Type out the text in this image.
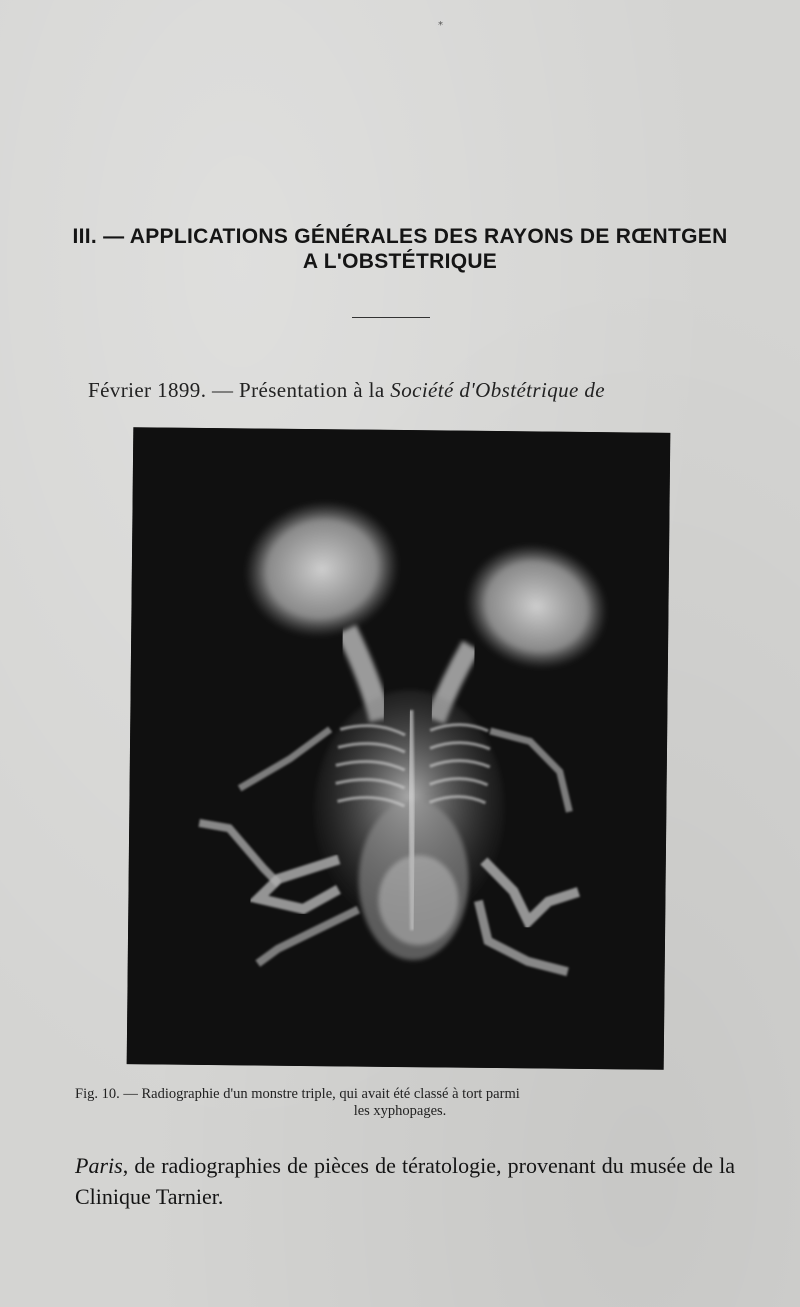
*
III. — APPLICATIONS GÉNÉRALES DES RAYONS DE RŒNTGEN
A L'OBSTÉTRIQUE
Février 1899. — Présentation à la Société d'Obstétrique de
Fig. 10. — Radiographie d'un monstre triple, qui avait été classé à tort parmi
les xyphopages.
Paris, de radiographies de pièces de tératologie, provenant du musée de la Clinique Tarnier.
